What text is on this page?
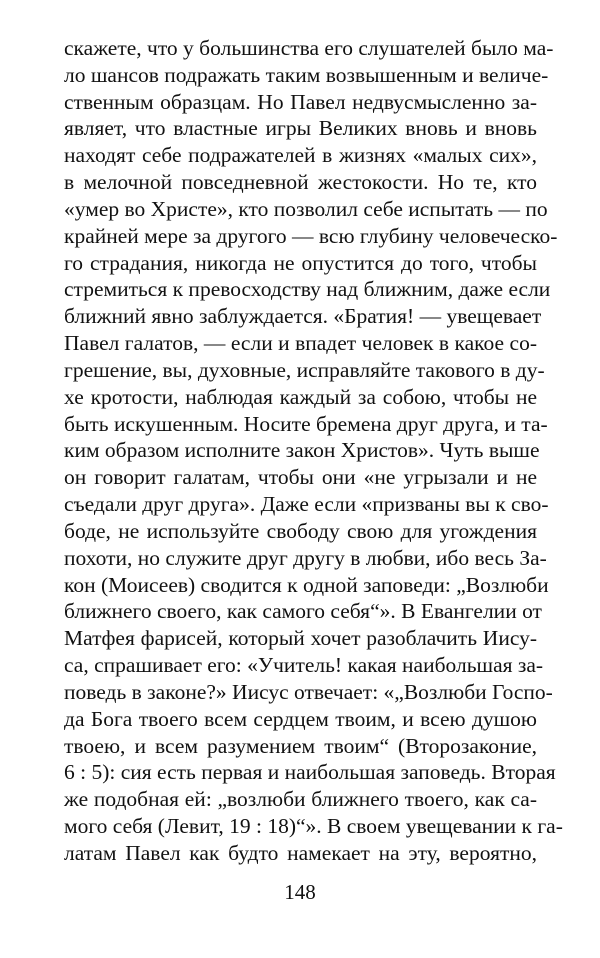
скажете, что у большинства его слушателей было ма-
ло шансов подражать таким возвышенным и величе-
ственным образцам. Но Павел недвусмысленно за-
являет, что властные игры Великих вновь и вновь
находят себе подражателей в жизнях «малых сих»,
в мелочной повседневной жестокости. Но те, кто
«умер во Христе», кто позволил себе испытать — по
крайней мере за другого — всю глубину человеческо-
го страдания, никогда не опустится до того, чтобы
стремиться к превосходству над ближним, даже если
ближний явно заблуждается. «Братия! — увещевает
Павел галатов, — если и впадет человек в какое со-
грешение, вы, духовные, исправляйте такового в ду-
хе кротости, наблюдая каждый за собою, чтобы не
быть искушенным. Носите бремена друг друга, и та-
ким образом исполните закон Христов». Чуть выше
он говорит галатам, чтобы они «не угрызали и не
съедали друг друга». Даже если «призваны вы к сво-
боде, не используйте свободу свою для угождения
похоти, но служите друг другу в любви, ибо весь За-
кон (Моисеев) сводится к одной заповеди: „Возлюби
ближнего своего, как самого себя“». В Евангелии от
Матфея фарисей, который хочет разоблачить Иису-
са, спрашивает его: «Учитель! какая наибольшая за-
поведь в законе?» Иисус отвечает: «„Возлюби Госпо-
да Бога твоего всем сердцем твоим, и всею душою
твоею, и всем разумением твоим“ (Второзаконие,
6 : 5): сия есть первая и наибольшая заповедь. Вторая
же подобная ей: „возлюби ближнего твоего, как са-
мого себя (Левит, 19 : 18)“». В своем увещевании к га-
латам Павел как будто намекает на эту, вероятно,
148
